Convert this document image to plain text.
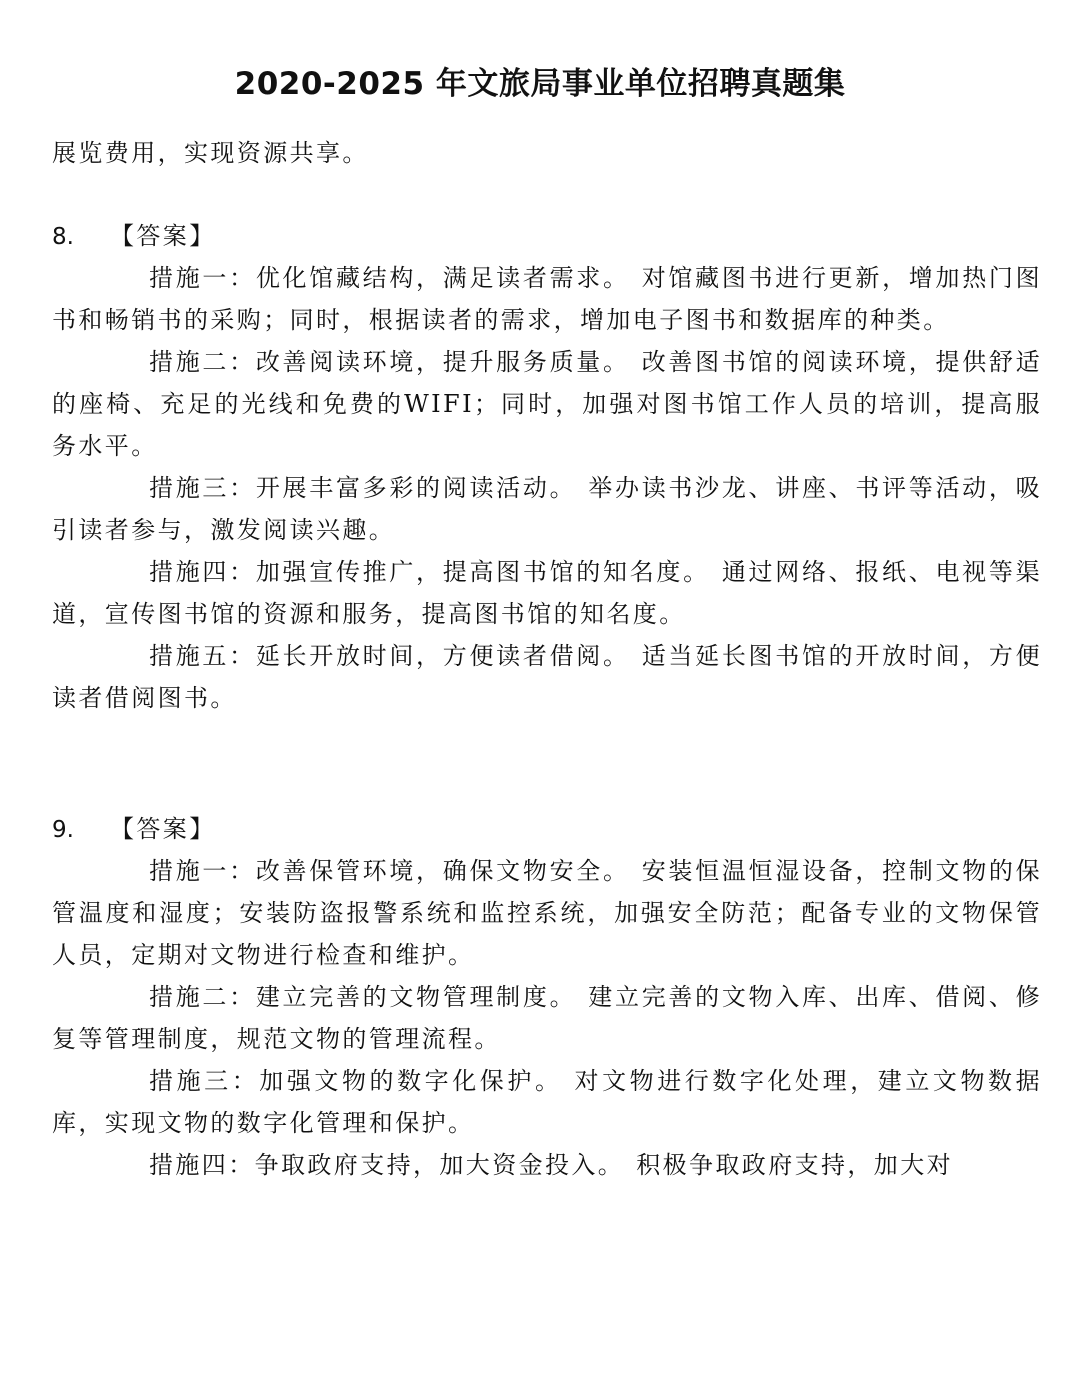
2020-2025 年文旅局事业单位招聘真题集
展览费用，实现资源共享。
8. 【答案】

措施一：优化馆藏结构，满足读者需求。 对馆藏图书进行更新，增加热门图书和畅销书的采购；同时，根据读者的需求，增加电子图书和数据库的种类。

措施二：改善阅读环境，提升服务质量。 改善图书馆的阅读环境，提供舒适的座椅、充足的光线和免费的WIFI；同时，加强对图书馆工作人员的培训，提高服务水平。

措施三：开展丰富多彩的阅读活动。 举办读书沙龙、讲座、书评等活动，吸引读者参与，激发阅读兴趣。

措施四：加强宣传推广，提高图书馆的知名度。 通过网络、报纸、电视等渠道，宣传图书馆的资源和服务，提高图书馆的知名度。

措施五：延长开放时间，方便读者借阅。 适当延长图书馆的开放时间，方便读者借阅图书。

9. 【答案】

措施一：改善保管环境，确保文物安全。 安装恒温恒湿设备，控制文物的保管温度和湿度；安装防盗报警系统和监控系统，加强安全防范；配备专业的文物保管人员，定期对文物进行检查和维护。

措施二：建立完善的文物管理制度。 建立完善的文物入库、出库、借阅、修复等管理制度，规范文物的管理流程。

措施三：加强文物的数字化保护。 对文物进行数字化处理，建立文物数据库，实现文物的数字化管理和保护。

措施四：争取政府支持，加大资金投入。 积极争取政府支持，加大对
